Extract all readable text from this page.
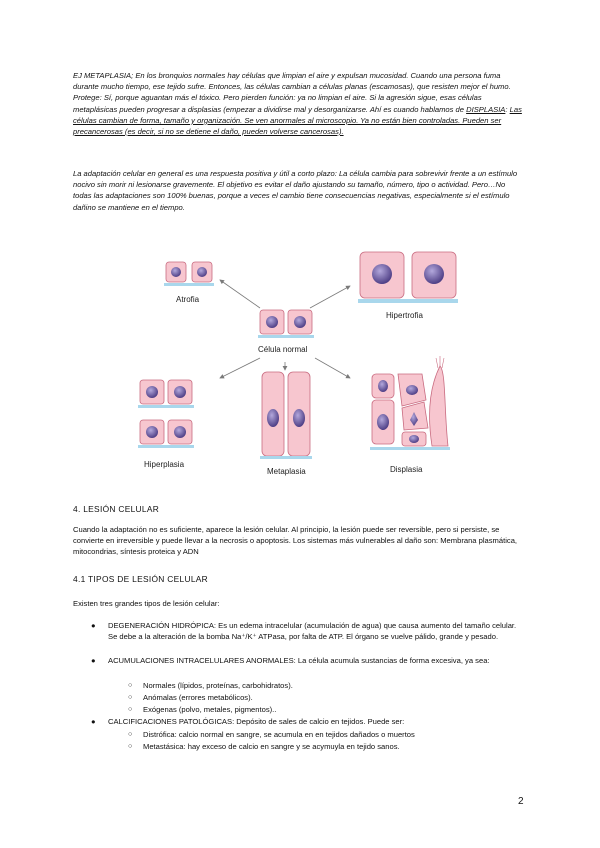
EJ METAPLASIA; En los bronquios normales hay células que limpian el aire y expulsan mucosidad. Cuando una persona fuma durante mucho tiempo, ese tejido sufre. Entonces, las células cambian a células planas (escamosas), que resisten mejor el humo. Protege: Sí, porque aguantan más el tóxico. Pero pierden función: ya no limpian el aire. Si la agresión sigue, esas células metaplásicas pueden progresar a displasias (empezar a dividirse mal y desorganizarse. Ahí es cuando hablamos de DISPLASIA: Las células cambian de forma, tamaño y organización. Se ven anormales al microscopio. Ya no están bien controladas. Pueden ser precancerosas (es decir, si no se detiene el daño, pueden volverse cancerosas).

La adaptación celular en general es una respuesta positiva y útil a corto plazo: La célula cambia para sobrevivir frente a un estímulo nocivo sin morir ni lesionarse gravemente. El objetivo es evitar el daño ajustando su tamaño, número, tipo o actividad. Pero…No todas las adaptaciones son 100% buenas, porque a veces el cambio tiene consecuencias negativas, especialmente si el estímulo dañino se mantiene en el tiempo.

Atrofia
Hipertrofia
Célula normal
Hiperplasia
Metaplasia	Displasia

4. LESIÓN CELULAR

Cuando la adaptación no es suficiente, aparece la lesión celular. Al principio, la lesión puede ser reversible, pero si persiste, se convierte en irreversible y puede llevar a la necrosis o apoptosis. Los sistemas más vulnerables al daño son: Membrana plasmática, mitocondrias, síntesis proteica y ADN

4.1 TIPOS DE LESIÓN CELULAR

Existen tres grandes tipos de lesión celular:

● DEGENERACIÓN HIDRÓPICA: Es un edema intracelular (acumulación de agua) que causa aumento del tamaño celular. Se debe a la alteración de la bomba Na⁺/K⁺ ATPasa, por falta de ATP. El órgano se vuelve pálido, grande y pesado.

● ACUMULACIONES INTRACELULARES ANORMALES: La célula acumula sustancias de forma excesiva, ya sea:

○ Normales (lípidos, proteínas, carbohidratos).

○ Anómalas (errores metabólicos).

○ Exógenas (polvo, metales, pigmentos)..

● CALCIFICACIONES PATOLÓGICAS: Depósito de sales de calcio en tejidos. Puede ser:

○ Distrófica: calcio normal en sangre, se acumula en en tejidos dañados o muertos

○ Metastásica: hay exceso de calcio en sangre y se acymuyla en tejido sanos.

2
